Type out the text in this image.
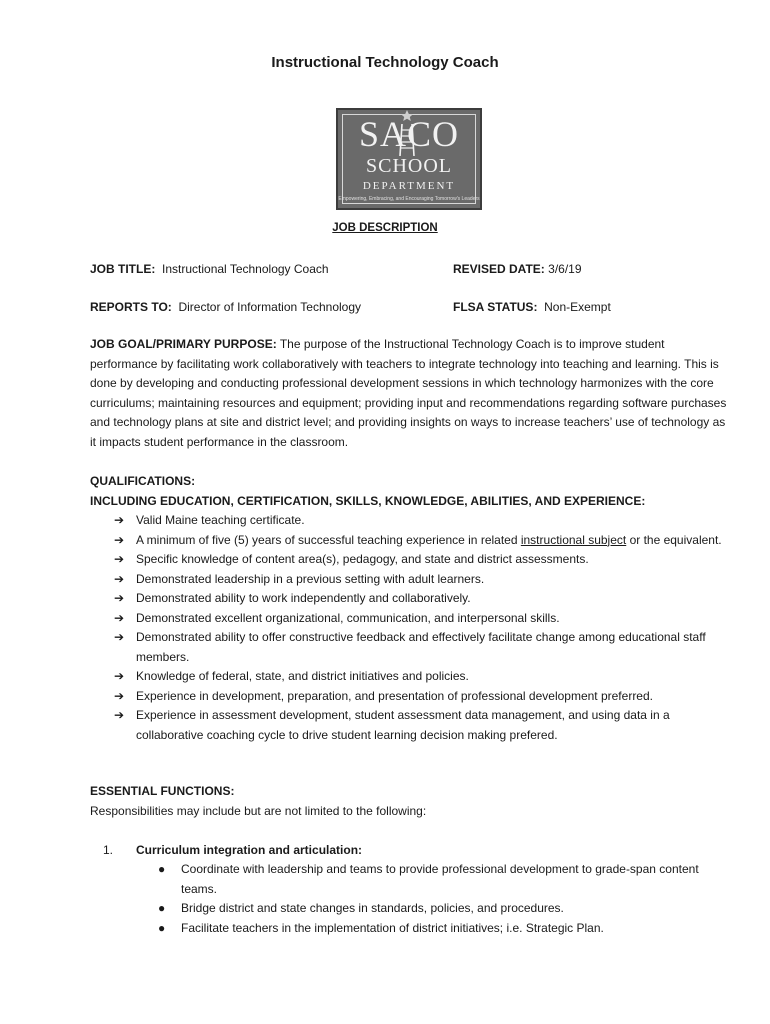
Instructional Technology Coach
SACO
SCHOOL
DEPARTMENT
Empowering, Embracing, and Encouraging Tomorrow's Leaders
JOB DESCRIPTION
JOB TITLE: Instructional Technology Coach	REVISED DATE: 3/6/19
REPORTS TO: Director of Information Technology	FLSA STATUS: Non-Exempt
JOB GOAL/PRIMARY PURPOSE: The purpose of the Instructional Technology Coach is to improve student performance by facilitating work collaboratively with teachers to integrate technology into teaching and learning. This is done by developing and conducting professional development sessions in which technology harmonizes with the core curriculums; maintaining resources and equipment; providing input and recommendations regarding software purchases and technology plans at site and district level; and providing insights on ways to increase teachers’ use of technology as it impacts student performance in the classroom.
QUALIFICATIONS:
INCLUDING EDUCATION, CERTIFICATION, SKILLS, KNOWLEDGE, ABILITIES, AND EXPERIENCE:
➔ Valid Maine teaching certificate.
➔ A minimum of five (5) years of successful teaching experience in related instructional subject or the equivalent.
➔ Specific knowledge of content area(s), pedagogy, and state and district assessments.
➔ Demonstrated leadership in a previous setting with adult learners.
➔ Demonstrated ability to work independently and collaboratively.
➔ Demonstrated excellent organizational, communication, and interpersonal skills.
➔ Demonstrated ability to offer constructive feedback and effectively facilitate change among educational staff members.
➔ Knowledge of federal, state, and district initiatives and policies.
➔ Experience in development, preparation, and presentation of professional development preferred.
➔ Experience in assessment development, student assessment data management, and using data in a collaborative coaching cycle to drive student learning decision making prefered.
ESSENTIAL FUNCTIONS:
Responsibilities may include but are not limited to the following:
1. Curriculum integration and articulation:
● Coordinate with leadership and teams to provide professional development to grade-span content teams.
● Bridge district and state changes in standards, policies, and procedures.
● Facilitate teachers in the implementation of district initiatives; i.e. Strategic Plan.
